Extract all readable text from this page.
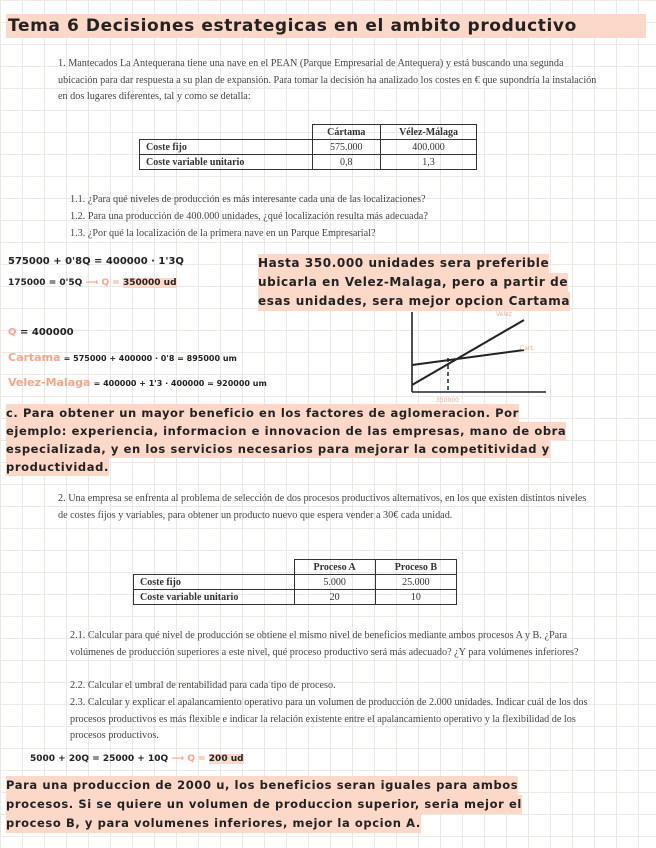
Tema 6 Decisiones estrategicas en el ambito productivo
1. Mantecados La Antequerana tiene una nave en el PEAN (Parque Empresarial de Antequera) y está buscando una segunda ubicación para dar respuesta a su plan de expansión. Para tomar la decisión ha analizado los costes en € que supondría la instalación en dos lugares diferentes, tal y como se detalla:
	Cártama	Vélez-Málaga
Coste fijo	575.000	400.000
Coste variable unitario	0,8	1,3
1.1. ¿Para qué niveles de producción es más interesante cada una de las localizaciones?
1.2. Para una producción de 400.000 unidades, ¿qué localización resulta más adecuada?
1.3. ¿Por qué la localización de la primera nave en un Parque Empresarial?
575000 + 0'8Q = 400000 · 1'3Q
175000 = 0'5Q ⟶ Q = 350000 ud
Hasta 350.000 unidades sera preferible
ubicarla en Velez-Malaga, pero a partir de
esas unidades, sera mejor opcion Cartama
Q = 400000
Cartama = 575000 + 400000 · 0'8 = 895000 um
Velez-Malaga = 400000 + 1'3 · 400000 = 920000 um
Velez
Cart.
350000
c. Para obtener un mayor beneficio en los factores de aglomeracion. Por
ejemplo: experiencia, informacion e innovacion de las empresas, mano de obra
especializada, y en los servicios necesarios para mejorar la competitividad y
productividad.
2. Una empresa se enfrenta al problema de selección de dos procesos productivos alternativos, en los que existen distintos niveles de costes fijos y variables, para obtener un producto nuevo que espera vender a 30€ cada unidad.
	Proceso A	Proceso B
Coste fijo	5.000	25.000
Coste variable unitario	20	10
2.1. Calcular para qué nivel de producción se obtiene el mismo nivel de beneficios mediante ambos procesos A y B. ¿Para volúmenes de producción superiores a este nivel, qué proceso productivo será más adecuado? ¿Y para volúmenes inferiores?
2.2. Calcular el umbral de rentabilidad para cada tipo de proceso.
2.3. Calcular y explicar el apalancamiento operativo para un volumen de producción de 2.000 unidades. Indicar cuál de los dos procesos productivos es más flexible e indicar la relación existente entre el apalancamiento operativo y la flexibilidad de los procesos productivos.
5000 + 20Q = 25000 + 10Q ⟶ Q = 200 ud
Para una produccion de 2000 u, los beneficios seran iguales para ambos
procesos. Si se quiere un volumen de produccion superior, seria mejor el
proceso B, y para volumenes inferiores, mejor la opcion A.
